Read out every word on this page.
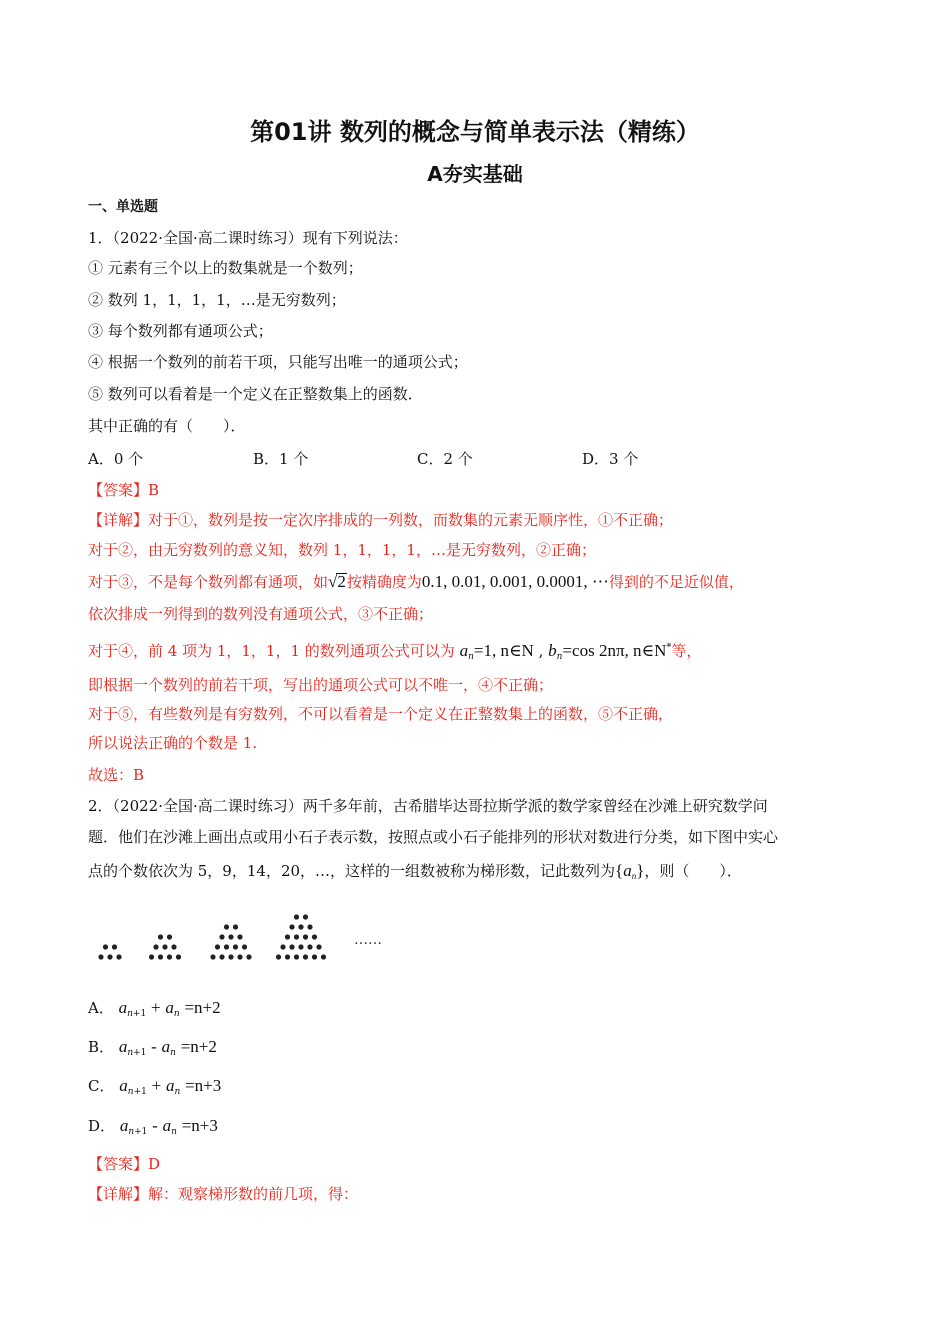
第01讲 数列的概念与简单表示法（精练）
A夯实基础
一、单选题
1．（2022·全国·高二课时练习）现有下列说法：
① 元素有三个以上的数集就是一个数列；
② 数列 1，1，1，1，…是无穷数列；
③ 每个数列都有通项公式；
④ 根据一个数列的前若干项，只能写出唯一的通项公式；
⑤ 数列可以看着是一个定义在正整数集上的函数．
其中正确的有（　　）．
A．0 个	B．1 个	C．2 个	D．3 个
【答案】B
【详解】对于①，数列是按一定次序排成的一列数，而数集的元素无顺序性，①不正确；
对于②，由无穷数列的意义知，数列 1，1，1，1，…是无穷数列，②正确；
对于③，不是每个数列都有通项，如√2按精确度为0.1, 0.01, 0.001, 0.0001, ⋯得到的不足近似值，
依次排成一列得到的数列没有通项公式，③不正确；
对于④，前 4 项为 1，1，1，1 的数列通项公式可以为 $a_n=1$, n∈N , $b_n=\cos$ 2nπ, n∈N*等，
即根据一个数列的前若干项，写出的通项公式可以不唯一，④不正确；
对于⑤，有些数列是有穷数列，不可以看着是一个定义在正整数集上的函数，⑤不正确，
所以说法正确的个数是 1.
故选：B
2．（2022·全国·高二课时练习）两千多年前，古希腊毕达哥拉斯学派的数学家曾经在沙滩上研究数学问
题．他们在沙滩上画出点或用小石子表示数，按照点或小石子能排列的形状对数进行分类，如下图中实心
点的个数依次为 5，9，14，20，…，这样的一组数被称为梯形数，记此数列为$\{a_n\}$，则（　　）．
……
A． $a_{n+1} + a_n =n+2$
B． $a_{n+1} - a_n =n+2$
C． $a_{n+1} + a_n =n+3$
D． $a_{n+1} - a_n =n+3$
【答案】D
【详解】解：观察梯形数的前几项，得：
